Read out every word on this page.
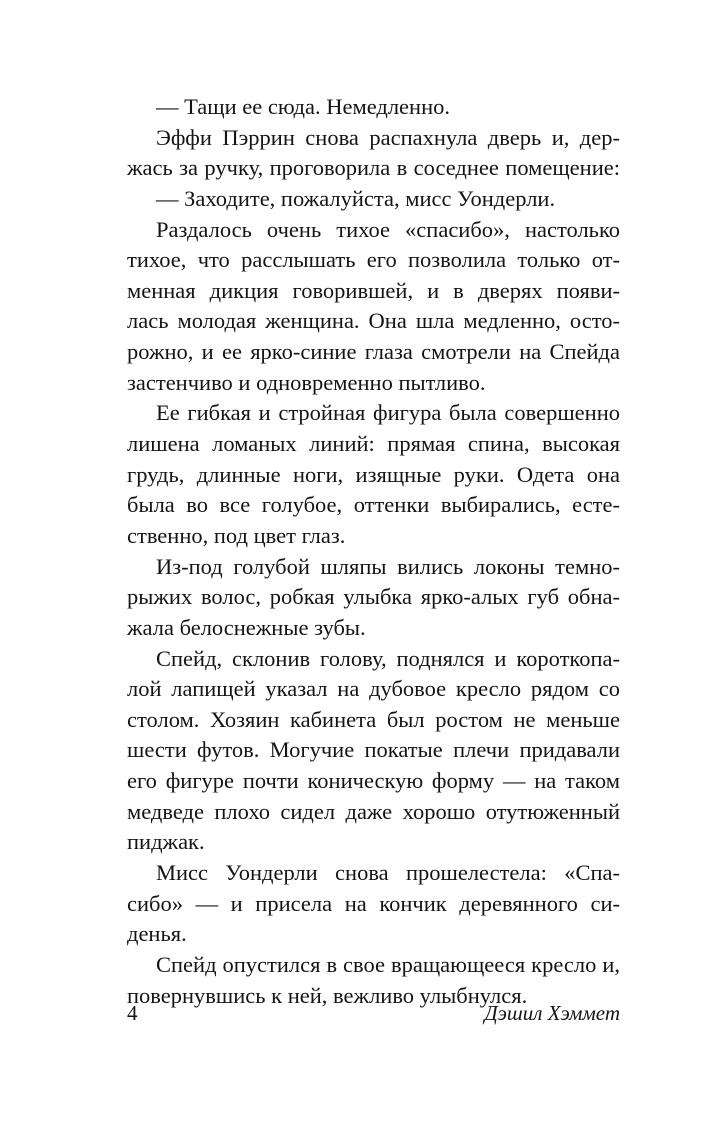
— Тащи ее сюда. Немедленно.
Эффи Пэррин снова распахнула дверь и, дер-
жась за ручку, проговорила в соседнее помещение:
— Заходите, пожалуйста, мисс Уондерли.
Раздалось очень тихое «спасибо», настолько
тихое, что расслышать его позволила только от-
менная дикция говорившей, и в дверях появи-
лась молодая женщина. Она шла медленно, осто-
рожно, и ее ярко-синие глаза смотрели на Спейда
застенчиво и одновременно пытливо.
Ее гибкая и стройная фигура была совершенно
лишена ломаных линий: прямая спина, высокая
грудь, длинные ноги, изящные руки. Одета она
была во все голубое, оттенки выбирались, есте-
ственно, под цвет глаз.
Из-под голубой шляпы вились локоны темно-
рыжих волос, робкая улыбка ярко-алых губ обна-
жала белоснежные зубы.
Спейд, склонив голову, поднялся и короткопа-
лой лапищей указал на дубовое кресло рядом со
столом. Хозяин кабинета был ростом не меньше
шести футов. Могучие покатые плечи придавали
его фигуре почти коническую форму — на таком
медведе плохо сидел даже хорошо отутюженный
пиджак.
Мисс Уондерли снова прошелестела: «Спа-
сибо» — и присела на кончик деревянного си-
денья.
Спейд опустился в свое вращающееся кресло и,
повернувшись к ней, вежливо улыбнулся.
4	Дэшил Хэммет
